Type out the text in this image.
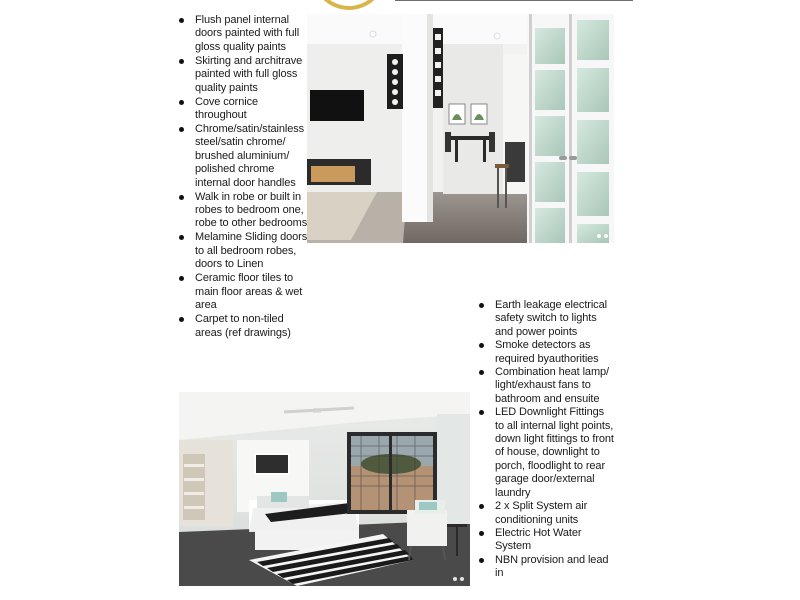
Flush panel internal doors painted with full gloss quality paints
Skirting and architrave painted with full gloss quality paints
Cove cornice throughout
Chrome/satin/stainless steel/satin chrome/ brushed aluminium/ polished chrome internal door handles
Walk in robe or built in robes to bedroom one, robe to other bedrooms
Melamine Sliding doors to all bedroom robes, doors to Linen
Ceramic floor tiles to main floor areas & wet area
Carpet to non-tiled areas (ref drawings)
Earth leakage electrical safety switch to lights and power points
Smoke detectors as required byauthorities
Combination heat lamp/ light/exhaust fans to bathroom and ensuite
LED Downlight Fittings to all internal light points, down light fittings to front of house, downlight to porch, floodlight to rear garage door/external laundry
2 x Split System air conditioning units
Electric Hot Water System
NBN provision and lead in
